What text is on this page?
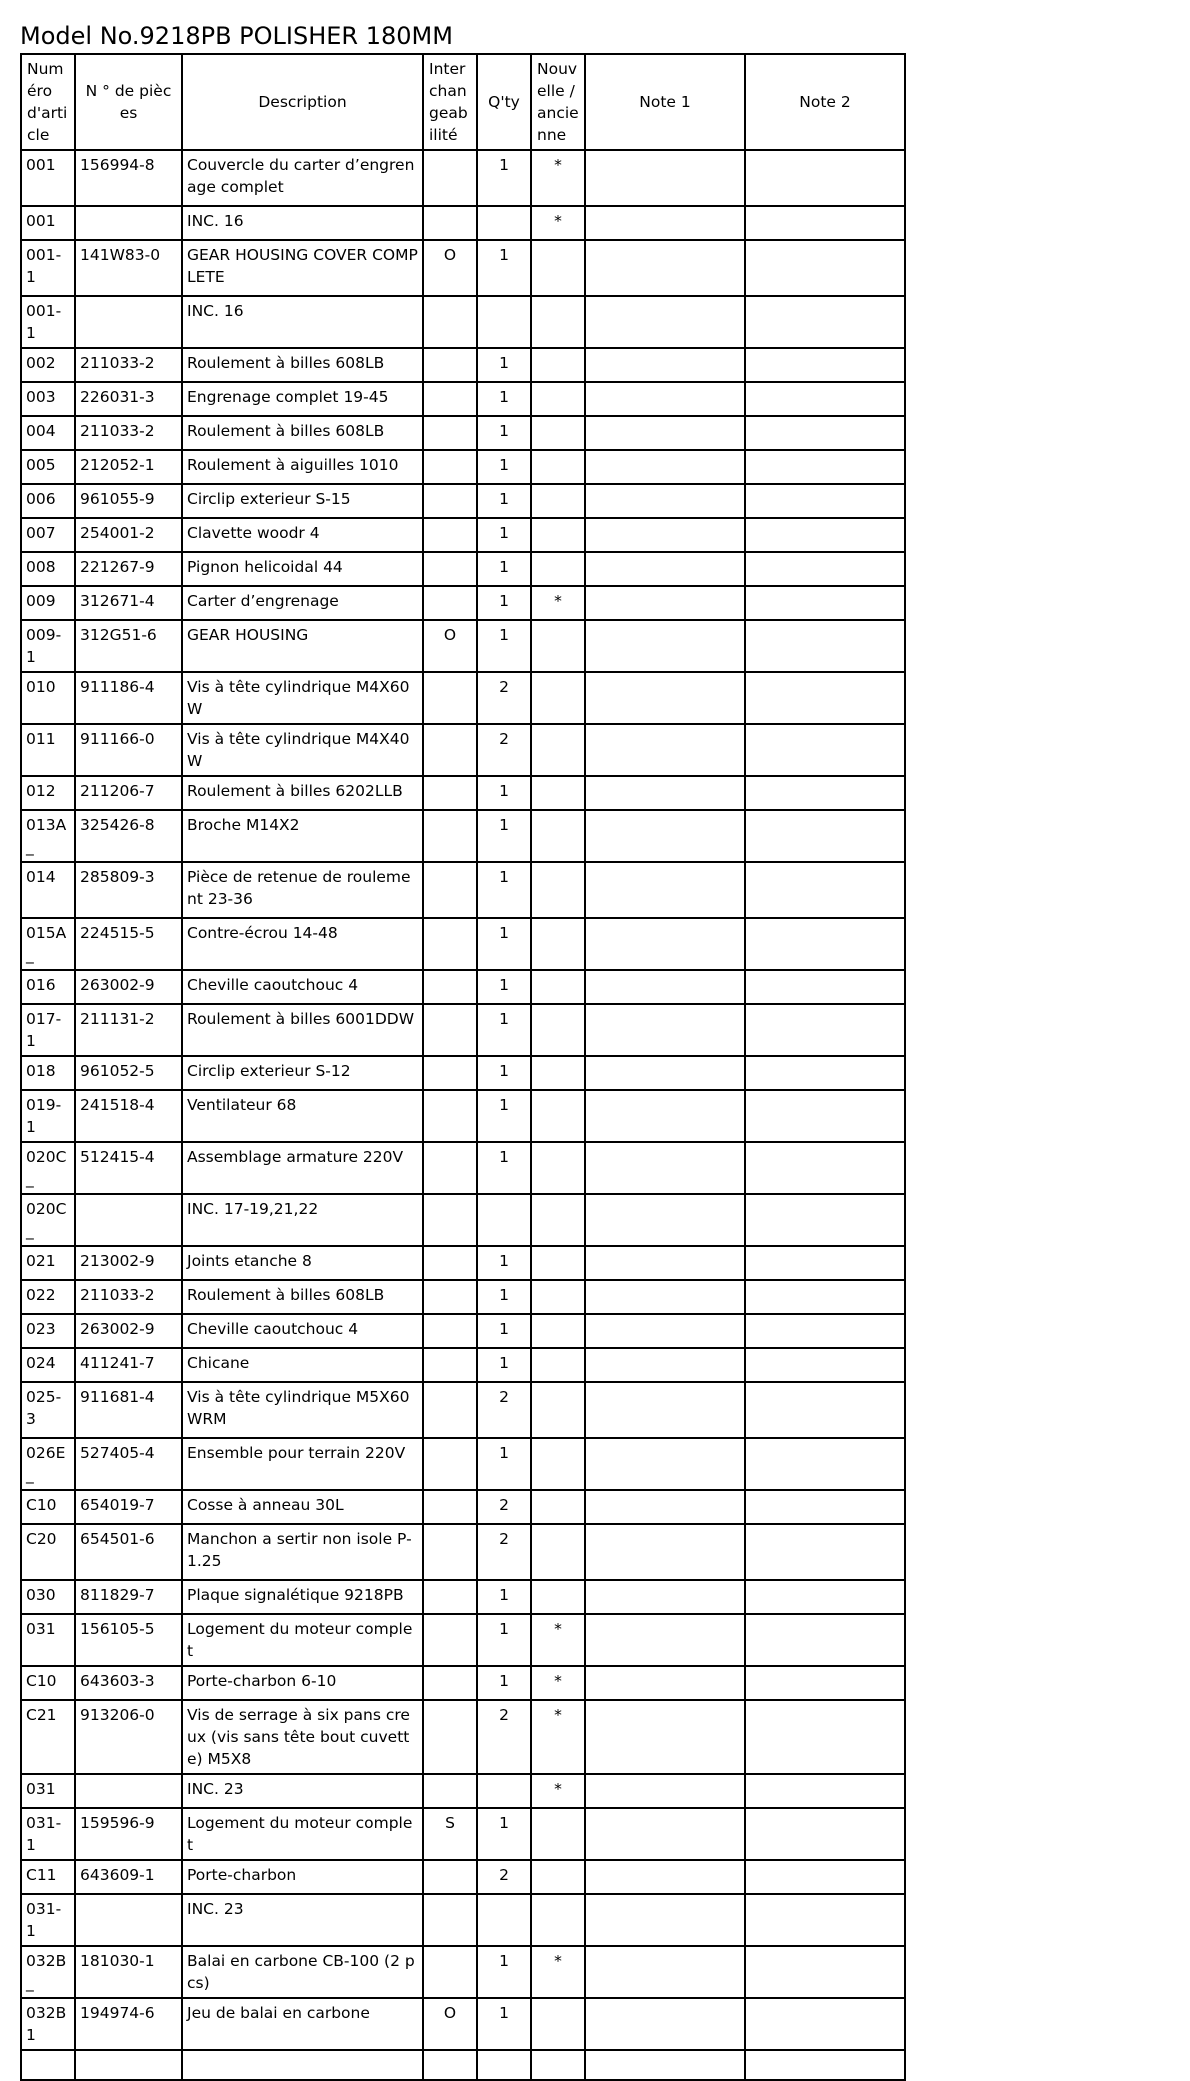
Model No.9218PB POLISHER 180MM
Numéro d'article	N ° de pièces	Description	Interchangeabilité	Q'ty	Nouvelle / ancienne	Note 1	Note 2
001	156994-8	Couvercle du carter d’engrenage complet		1	*		
001		INC. 16			*		
001-1	141W83-0	GEAR HOUSING COVER COMPLETE	O	1			
001-1		INC. 16					
002	211033-2	Roulement à billes 608LB		1			
003	226031-3	Engrenage complet 19-45		1			
004	211033-2	Roulement à billes 608LB		1			
005	212052-1	Roulement à aiguilles 1010		1			
006	961055-9	Circlip exterieur S-15		1			
007	254001-2	Clavette woodr 4		1			
008	221267-9	Pignon helicoidal 44		1			
009	312671-4	Carter d’engrenage		1	*		
009-1	312G51-6	GEAR HOUSING	O	1			
010	911186-4	Vis à tête cylindrique M4X60 W		2			
011	911166-0	Vis à tête cylindrique M4X40 W		2			
012	211206-7	Roulement à billes 6202LLB		1			
013A_	325426-8	Broche M14X2		1			
014	285809-3	Pièce de retenue de roulement 23-36		1			
015A_	224515-5	Contre-écrou 14-48		1			
016	263002-9	Cheville caoutchouc 4		1			
017-1	211131-2	Roulement à billes 6001DDW		1			
018	961052-5	Circlip exterieur S-12		1			
019-1	241518-4	Ventilateur 68		1			
020C_	512415-4	Assemblage armature 220V		1			
020C_		INC. 17-19,21,22					
021	213002-9	Joints etanche 8		1			
022	211033-2	Roulement à billes 608LB		1			
023	263002-9	Cheville caoutchouc 4		1			
024	411241-7	Chicane		1			
025-3	911681-4	Vis à tête cylindrique M5X60 WRM		2			
026E_	527405-4	Ensemble pour terrain 220V		1			
C10	654019-7	Cosse à anneau 30L		2			
C20	654501-6	Manchon a sertir non isole P-1.25		2			
030	811829-7	Plaque signalétique 9218PB		1			
031	156105-5	Logement du moteur complet		1	*		
C10	643603-3	Porte-charbon 6-10		1	*		
C21	913206-0	Vis de serrage à six pans creux (vis sans tête bout cuvette) M5X8		2	*		
031		INC. 23			*		
031-1	159596-9	Logement du moteur complet	S	1			
C11	643609-1	Porte-charbon		2			
031-1		INC. 23					
032B_	181030-1	Balai en carbone CB-100 (2 pcs)		1	*		
032B1	194974-6	Jeu de balai en carbone	O	1			
